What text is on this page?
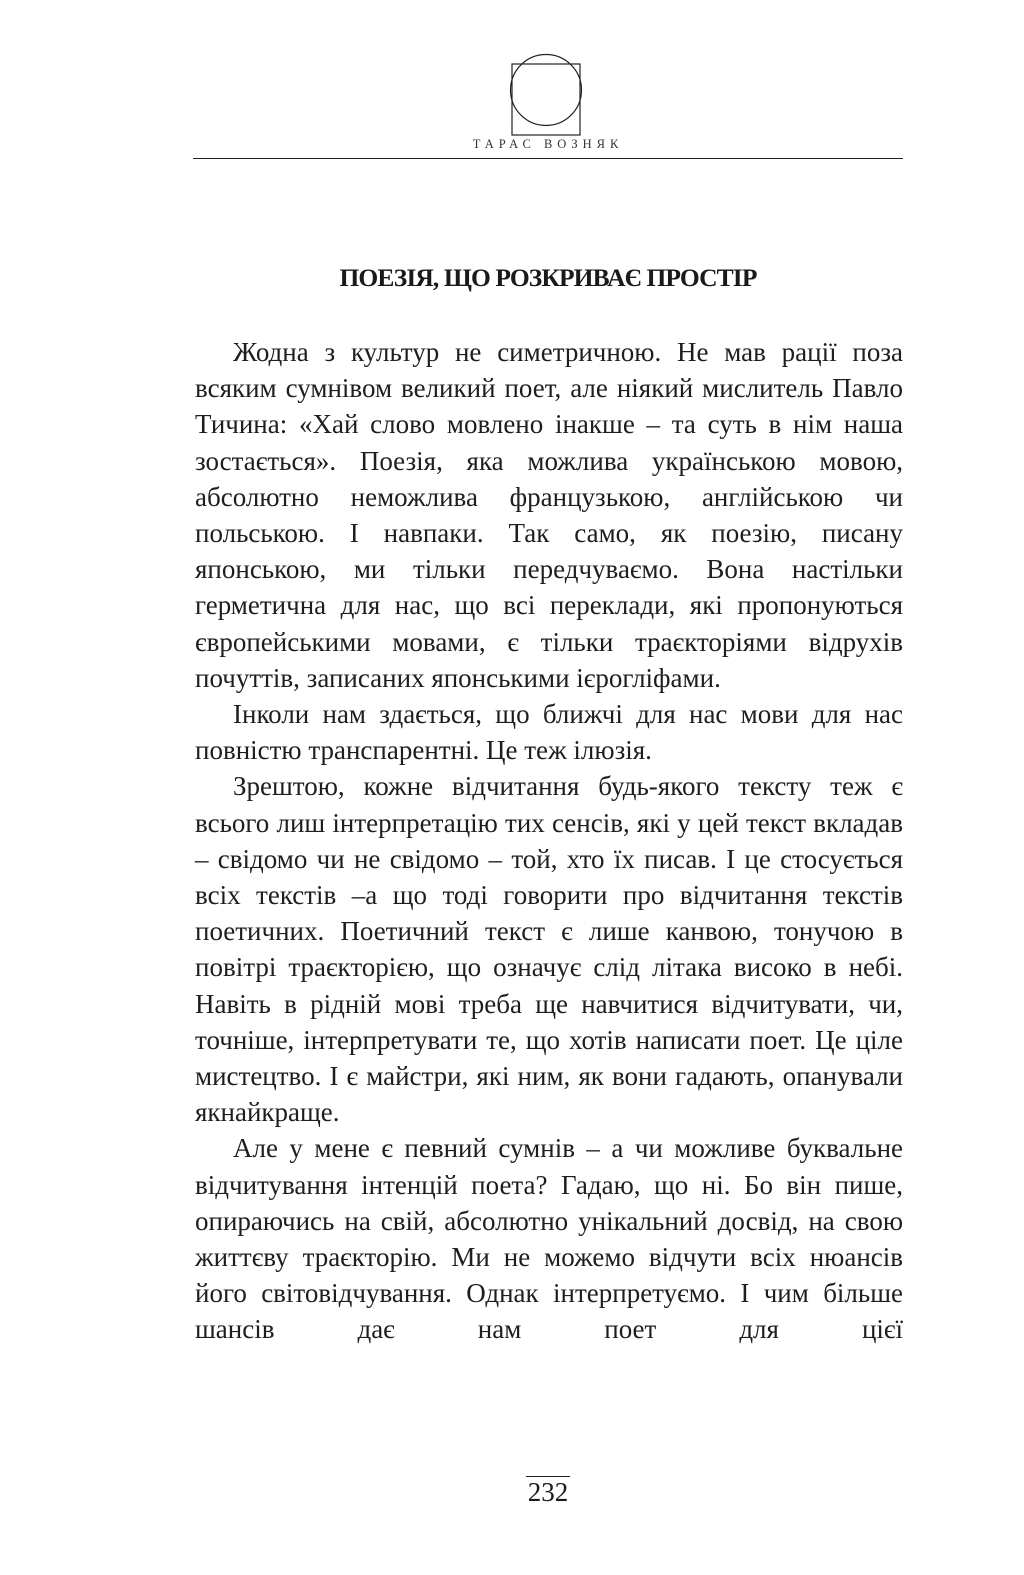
ТАРАС ВОЗНЯК
ПОЕЗІЯ, ЩО РОЗКРИВАЄ ПРОСТІР

Жодна з культур не симетричною. Не мав рації поза всяким сумнівом великий поет, але ніякий мислитель Павло Тичина: «Хай слово мовлено інакше – та суть в нім наша зостається». Поезія, яка можлива українською мовою, абсолютно неможлива французькою, англійською чи польською. І навпаки. Так само, як поезію, писану японською, ми тільки передчуваємо. Вона настільки герметична для нас, що всі переклади, які пропонуються європейськими мовами, є тільки траєкторіями відрухів почуттів, записаних японськими ієрогліфами.

Інколи нам здається, що ближчі для нас мови для нас повністю транспарентні. Це теж ілюзія.

Зрештою, кожне відчитання будь-якого тексту теж є всього лиш інтерпретацію тих сенсів, які у цей текст вкладав – свідомо чи не свідомо – той, хто їх писав. І це стосується всіх текстів –а що тоді говорити про відчитання текстів поетичних. Поетичний текст є лише канвою, тонучою в повітрі траєкторією, що означує слід літака високо в небі. Навіть в рідній мові треба ще навчитися відчитувати, чи, точніше, інтерпретувати те, що хотів написати поет. Це ціле мистецтво. І є майстри, які ним, як вони гадають, опанували якнайкраще.

Але у мене є певний сумнів – а чи можливе буквальне відчитування інтенцій поета? Гадаю, що ні. Бо він пише, опираючись на свій, абсолютно унікальний досвід, на свою життєву траєкторію. Ми не можемо відчути всіх нюансів його світовідчування. Однак інтерпретуємо. І чим більше шансів дає нам поет для цієї

232
